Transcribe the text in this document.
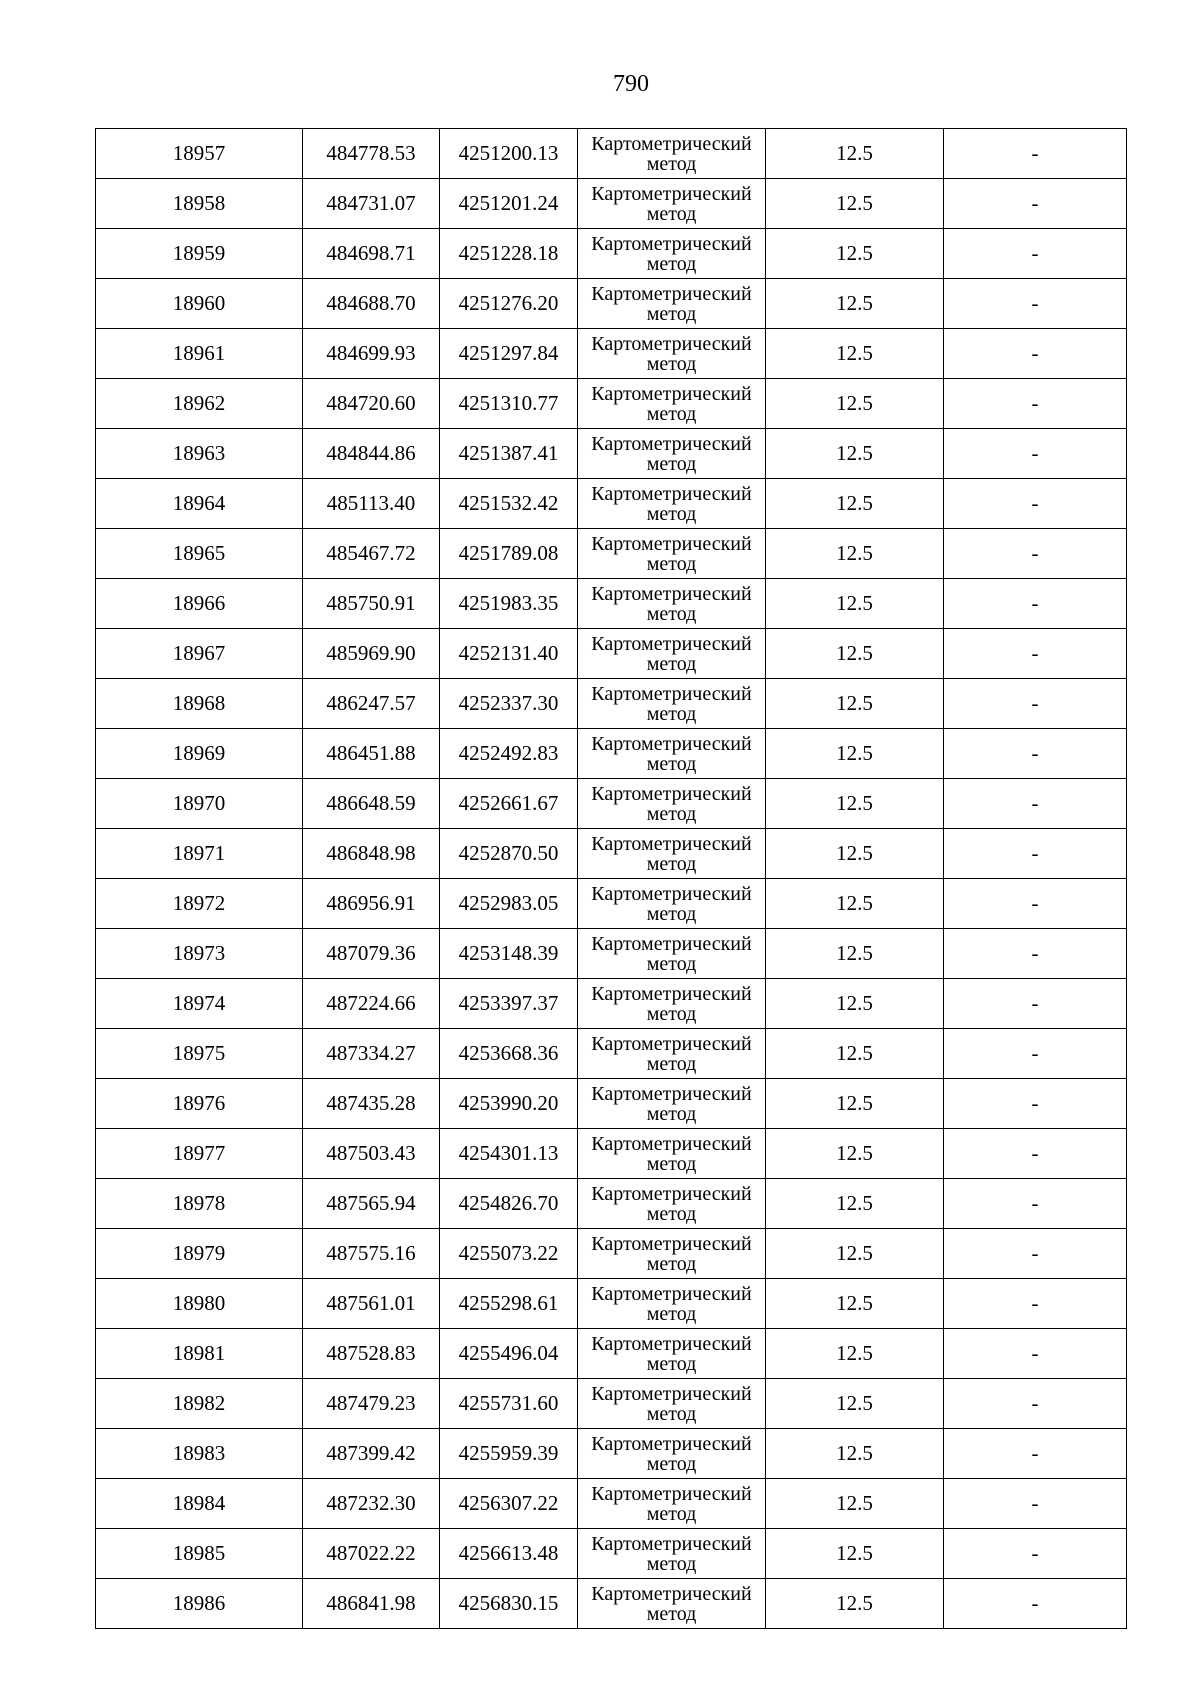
790
18957	484778.53	4251200.13	Картометрический
метод	12.5	-
18958	484731.07	4251201.24	Картометрический
метод	12.5	-
18959	484698.71	4251228.18	Картометрический
метод	12.5	-
18960	484688.70	4251276.20	Картометрический
метод	12.5	-
18961	484699.93	4251297.84	Картометрический
метод	12.5	-
18962	484720.60	4251310.77	Картометрический
метод	12.5	-
18963	484844.86	4251387.41	Картометрический
метод	12.5	-
18964	485113.40	4251532.42	Картометрический
метод	12.5	-
18965	485467.72	4251789.08	Картометрический
метод	12.5	-
18966	485750.91	4251983.35	Картометрический
метод	12.5	-
18967	485969.90	4252131.40	Картометрический
метод	12.5	-
18968	486247.57	4252337.30	Картометрический
метод	12.5	-
18969	486451.88	4252492.83	Картометрический
метод	12.5	-
18970	486648.59	4252661.67	Картометрический
метод	12.5	-
18971	486848.98	4252870.50	Картометрический
метод	12.5	-
18972	486956.91	4252983.05	Картометрический
метод	12.5	-
18973	487079.36	4253148.39	Картометрический
метод	12.5	-
18974	487224.66	4253397.37	Картометрический
метод	12.5	-
18975	487334.27	4253668.36	Картометрический
метод	12.5	-
18976	487435.28	4253990.20	Картометрический
метод	12.5	-
18977	487503.43	4254301.13	Картометрический
метод	12.5	-
18978	487565.94	4254826.70	Картометрический
метод	12.5	-
18979	487575.16	4255073.22	Картометрический
метод	12.5	-
18980	487561.01	4255298.61	Картометрический
метод	12.5	-
18981	487528.83	4255496.04	Картометрический
метод	12.5	-
18982	487479.23	4255731.60	Картометрический
метод	12.5	-
18983	487399.42	4255959.39	Картометрический
метод	12.5	-
18984	487232.30	4256307.22	Картометрический
метод	12.5	-
18985	487022.22	4256613.48	Картометрический
метод	12.5	-
18986	486841.98	4256830.15	Картометрический
метод	12.5	-
